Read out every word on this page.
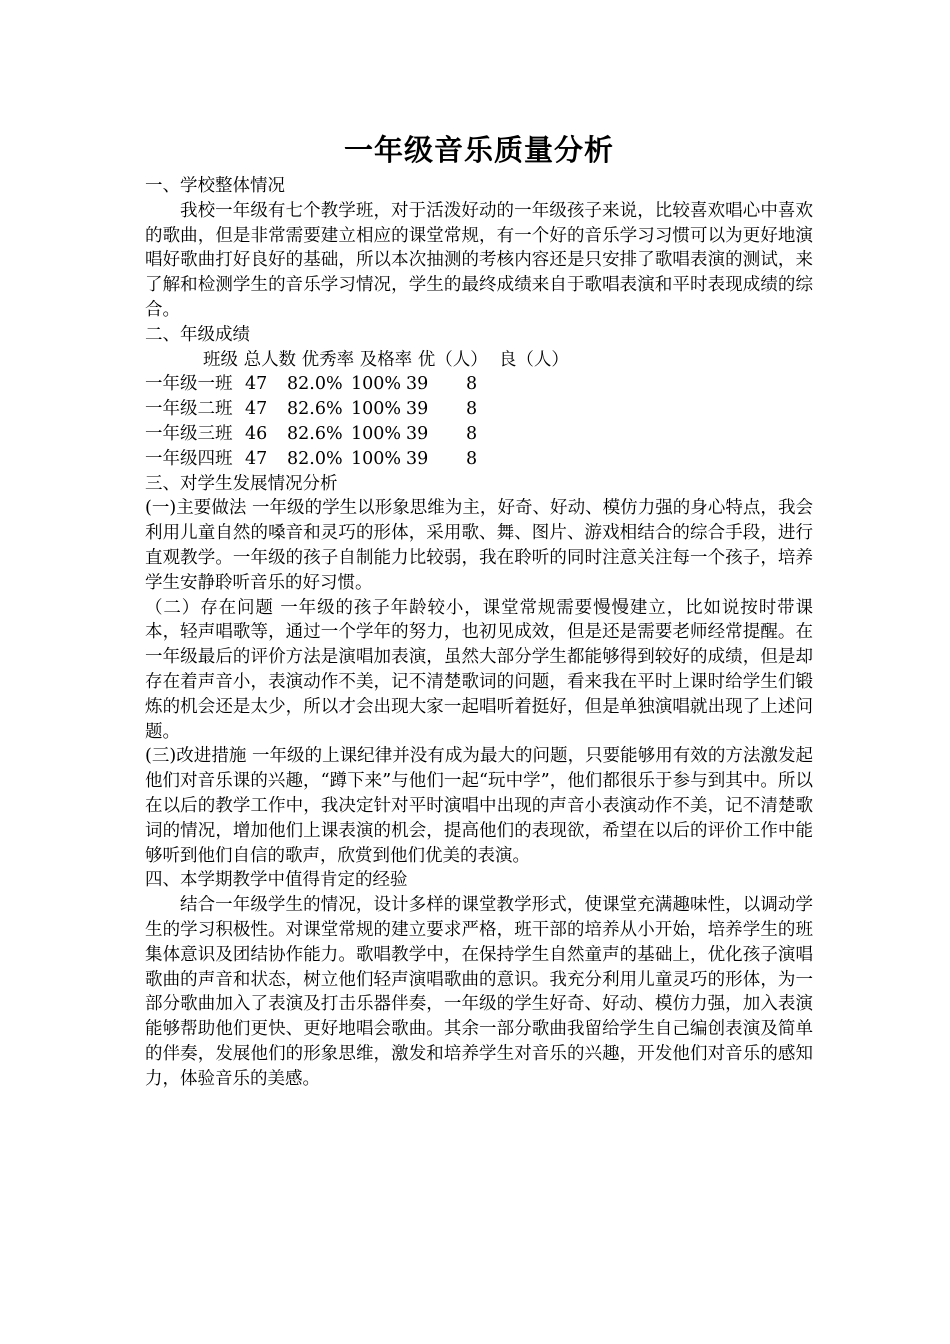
一年级音乐质量分析

一、学校整体情况

我校一年级有七个教学班，对于活泼好动的一年级孩子来说，比较喜欢唱心中喜欢的歌曲，但是非常需要建立相应的课堂常规，有一个好的音乐学习习惯可以为更好地演唱好歌曲打好良好的基础，所以本次抽测的考核内容还是只安排了歌唱表演的测试，来了解和检测学生的音乐学习情况，学生的最终成绩来自于歌唱表演和平时表现成绩的综合。

二、年级成绩

班级 总人数 优秀率 及格率 优（人）  良（人）
一年级一班 47	82.0% 100% 39	8
一年级二班 47	82.6% 100% 39	8
一年级三班 46	82.6% 100% 39	8
一年级四班 47	82.0% 100% 39	8

三、对学生发展情况分析

(一)主要做法 一年级的学生以形象思维为主，好奇、好动、模仿力强的身心特点，我会利用儿童自然的嗓音和灵巧的形体，采用歌、舞、图片、游戏相结合的综合手段，进行直观教学。一年级的孩子自制能力比较弱，我在聆听的同时注意关注每一个孩子，培养学生安静聆听音乐的好习惯。

（二）存在问题 一年级的孩子年龄较小，课堂常规需要慢慢建立，比如说按时带课本，轻声唱歌等，通过一个学年的努力，也初见成效，但是还是需要老师经常提醒。在一年级最后的评价方法是演唱加表演，虽然大部分学生都能够得到较好的成绩，但是却存在着声音小，表演动作不美，记不清楚歌词的问题，看来我在平时上课时给学生们锻炼的机会还是太少，所以才会出现大家一起唱听着挺好，但是单独演唱就出现了上述问题。

(三)改进措施 一年级的上课纪律并没有成为最大的问题，只要能够用有效的方法激发起他们对音乐课的兴趣，“蹲下来”与他们一起“玩中学”，他们都很乐于参与到其中。所以在以后的教学工作中，我决定针对平时演唱中出现的声音小表演动作不美，记不清楚歌词的情况，增加他们上课表演的机会，提高他们的表现欲，希望在以后的评价工作中能够听到他们自信的歌声，欣赏到他们优美的表演。

四、本学期教学中值得肯定的经验

结合一年级学生的情况，设计多样的课堂教学形式，使课堂充满趣味性，以调动学生的学习积极性。对课堂常规的建立要求严格，班干部的培养从小开始，培养学生的班集体意识及团结协作能力。歌唱教学中，在保持学生自然童声的基础上，优化孩子演唱歌曲的声音和状态，树立他们轻声演唱歌曲的意识。我充分利用儿童灵巧的形体，为一部分歌曲加入了表演及打击乐器伴奏，一年级的学生好奇、好动、模仿力强，加入表演能够帮助他们更快、更好地唱会歌曲。其余一部分歌曲我留给学生自己编创表演及简单的伴奏，发展他们的形象思维，激发和培养学生对音乐的兴趣，开发他们对音乐的感知力，体验音乐的美感。
